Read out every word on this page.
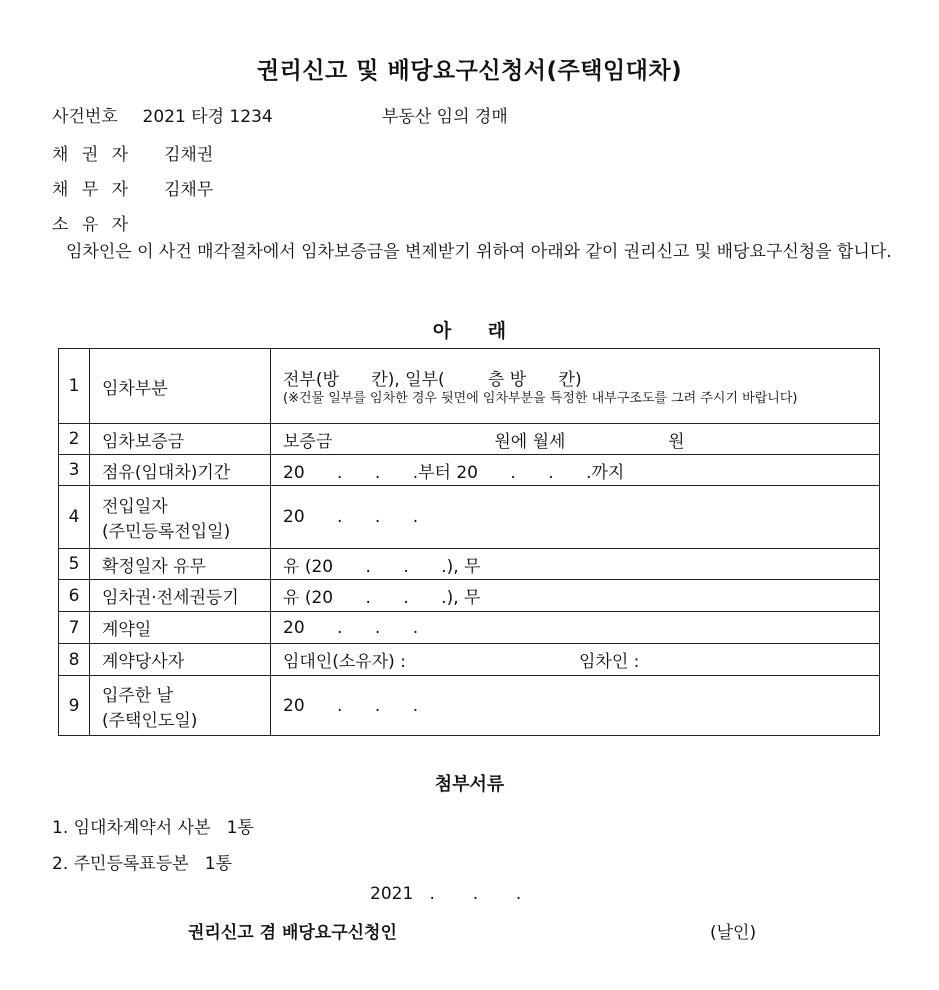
권리신고 및 배당요구신청서(주택임대차)
사건번호 2021 타경 1234	부동산 임의 경매
채 권 자 김채권
채 무 자 김채무
소 유 자
임차인은 이 사건 매각절차에서 임차보증금을 변제받기 위하여 아래와 같이 권리신고 및 배당요구신청을 합니다.
아 래
1	임차부분	전부(방      칸), 일부(        층 방      칸)
(※건물 일부를 임차한 경우 뒷면에 임차부분을 특정한 내부구조도를 그려 주시기 바랍니다)

2	임차보증금	보증금                              원에 월세                   원
3	점유(임대차)기간	20      .      .      .부터 20      .      .      .까지
4	전입일자
(주민등록전입일)	20      .      .      .
5	확정일자 유무	유 (20      .      .      .), 무
6	임차권·전세권등기	유 (20      .      .      .), 무
7	계약일	20      .      .      .
8	계약당사자	임대인(소유자) : 임차인 :
9	입주한 날
(주택인도일)	20      .      .      .
첨부서류
1. 임대차계약서 사본   1통
2. 주민등록표등본   1통
2021   .       .       .
권리신고 겸 배당요구신청인	(날인)
